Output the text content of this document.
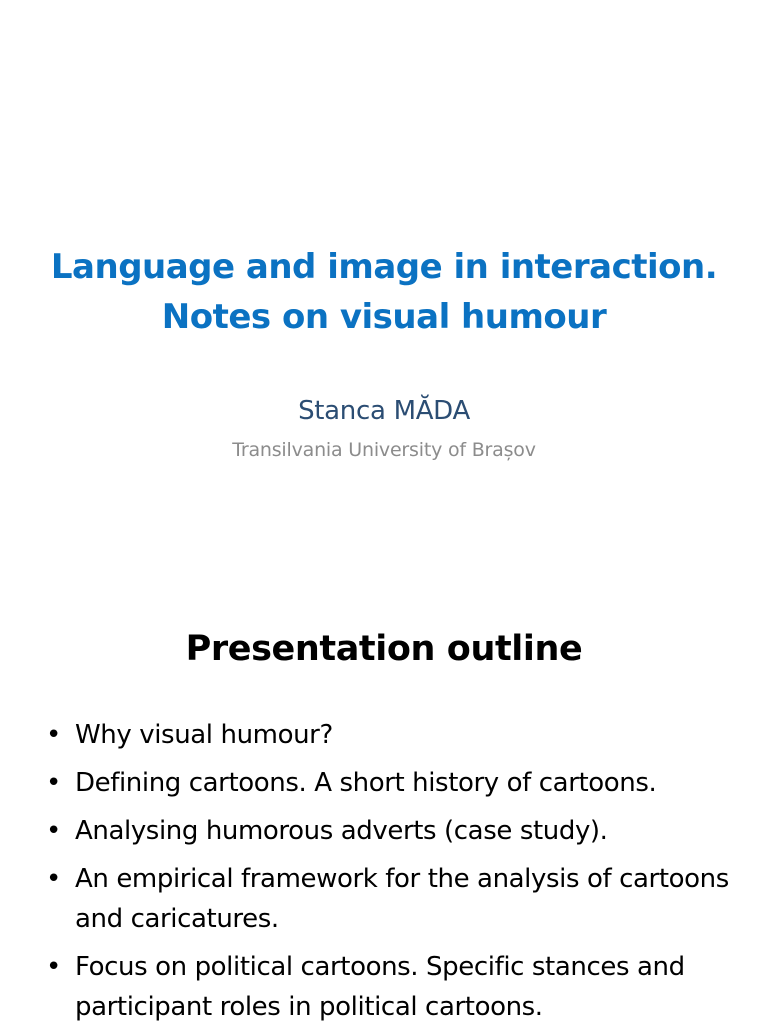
Language and image in interaction.
Notes on visual humour
Stanca MĂDA
Transilvania University of Brașov
Presentation outline
• Why visual humour?
• Defining cartoons. A short history of cartoons.
• Analysing humorous adverts (case study).
• An empirical framework for the analysis of cartoons and caricatures.
• Focus on political cartoons. Specific stances and participant roles in political cartoons.
